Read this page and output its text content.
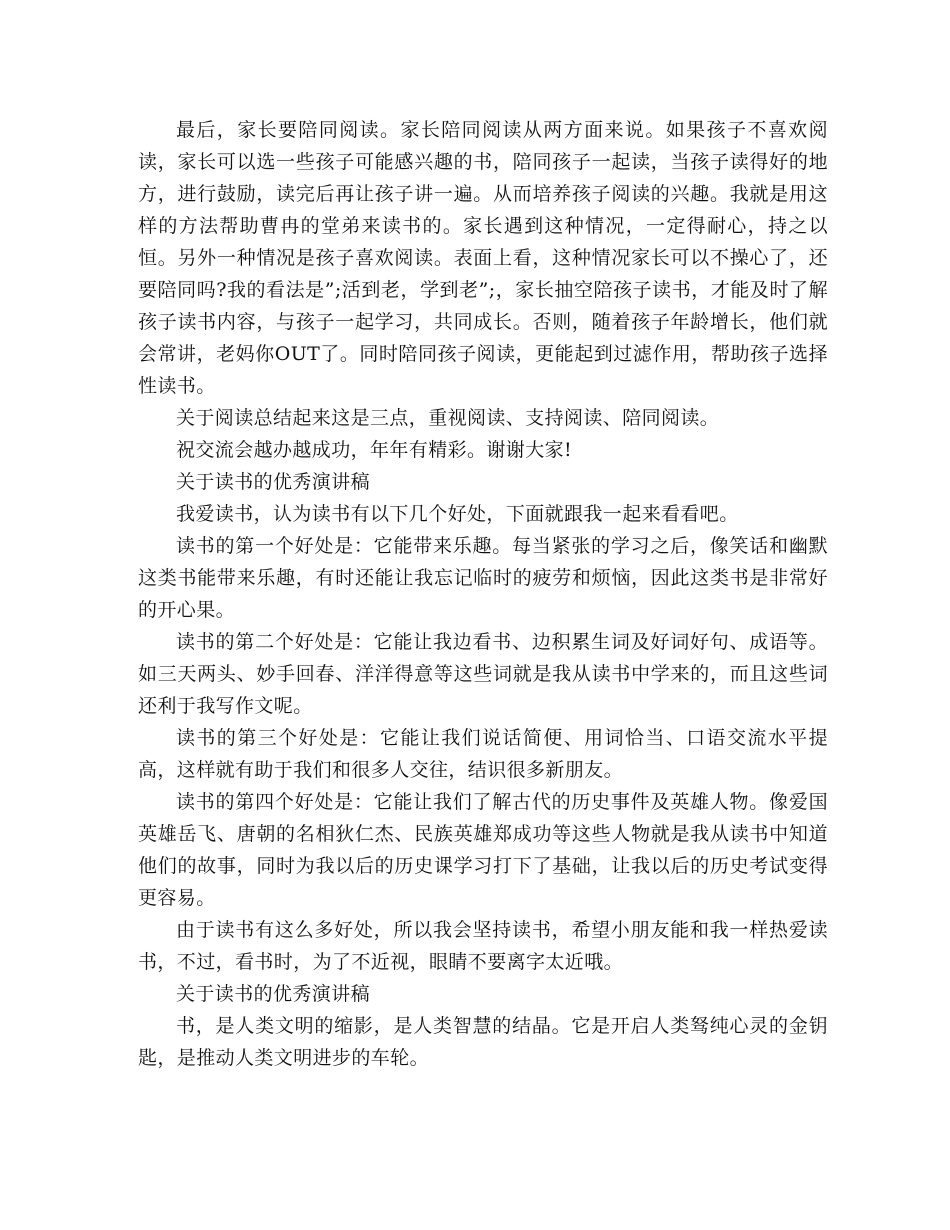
最后，家长要陪同阅读。家长陪同阅读从两方面来说。如果孩子不喜欢阅读，家长可以选一些孩子可能感兴趣的书，陪同孩子一起读，当孩子读得好的地方，进行鼓励，读完后再让孩子讲一遍。从而培养孩子阅读的兴趣。我就是用这样的方法帮助曹冉的堂弟来读书的。家长遇到这种情况，一定得耐心，持之以恒。另外一种情况是孩子喜欢阅读。表面上看，这种情况家长可以不操心了，还要陪同吗?我的看法是”;活到老，学到老”;，家长抽空陪孩子读书，才能及时了解孩子读书内容，与孩子一起学习，共同成长。否则，随着孩子年龄增长，他们就会常讲，老妈你OUT了。同时陪同孩子阅读，更能起到过滤作用，帮助孩子选择性读书。

关于阅读总结起来这是三点，重视阅读、支持阅读、陪同阅读。

祝交流会越办越成功，年年有精彩。谢谢大家!

关于读书的优秀演讲稿

我爱读书，认为读书有以下几个好处，下面就跟我一起来看看吧。

读书的第一个好处是：它能带来乐趣。每当紧张的学习之后，像笑话和幽默这类书能带来乐趣，有时还能让我忘记临时的疲劳和烦恼，因此这类书是非常好的开心果。

读书的第二个好处是：它能让我边看书、边积累生词及好词好句、成语等。如三天两头、妙手回春、洋洋得意等这些词就是我从读书中学来的，而且这些词还利于我写作文呢。

读书的第三个好处是：它能让我们说话简便、用词恰当、口语交流水平提高，这样就有助于我们和很多人交往，结识很多新朋友。

读书的第四个好处是：它能让我们了解古代的历史事件及英雄人物。像爱国英雄岳飞、唐朝的名相狄仁杰、民族英雄郑成功等这些人物就是我从读书中知道他们的故事，同时为我以后的历史课学习打下了基础，让我以后的历史考试变得更容易。

由于读书有这么多好处，所以我会坚持读书，希望小朋友能和我一样热爱读书，不过，看书时，为了不近视，眼睛不要离字太近哦。

关于读书的优秀演讲稿

书，是人类文明的缩影，是人类智慧的结晶。它是开启人类驽纯心灵的金钥匙，是推动人类文明进步的车轮。
